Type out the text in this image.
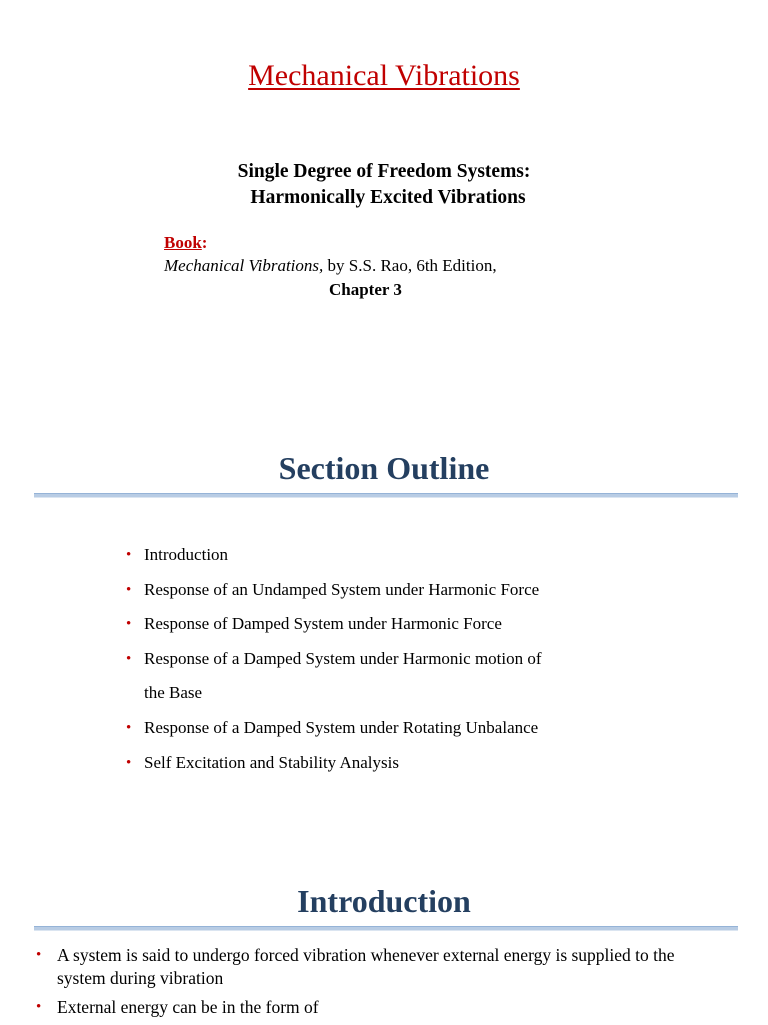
Mechanical Vibrations
Single Degree of Freedom Systems:
Harmonically Excited Vibrations
Book:
Mechanical Vibrations, by S.S. Rao, 6th Edition,
Chapter 3
Section Outline
• Introduction
• Response of an Undamped System under Harmonic Force
• Response of Damped System under Harmonic Force
• Response of a Damped System under Harmonic motion of
the Base
• Response of a Damped System under Rotating Unbalance
• Self Excitation and Stability Analysis
Introduction
• A system is said to undergo forced vibration whenever external energy is supplied to the system during vibration
• External energy can be in the form of
